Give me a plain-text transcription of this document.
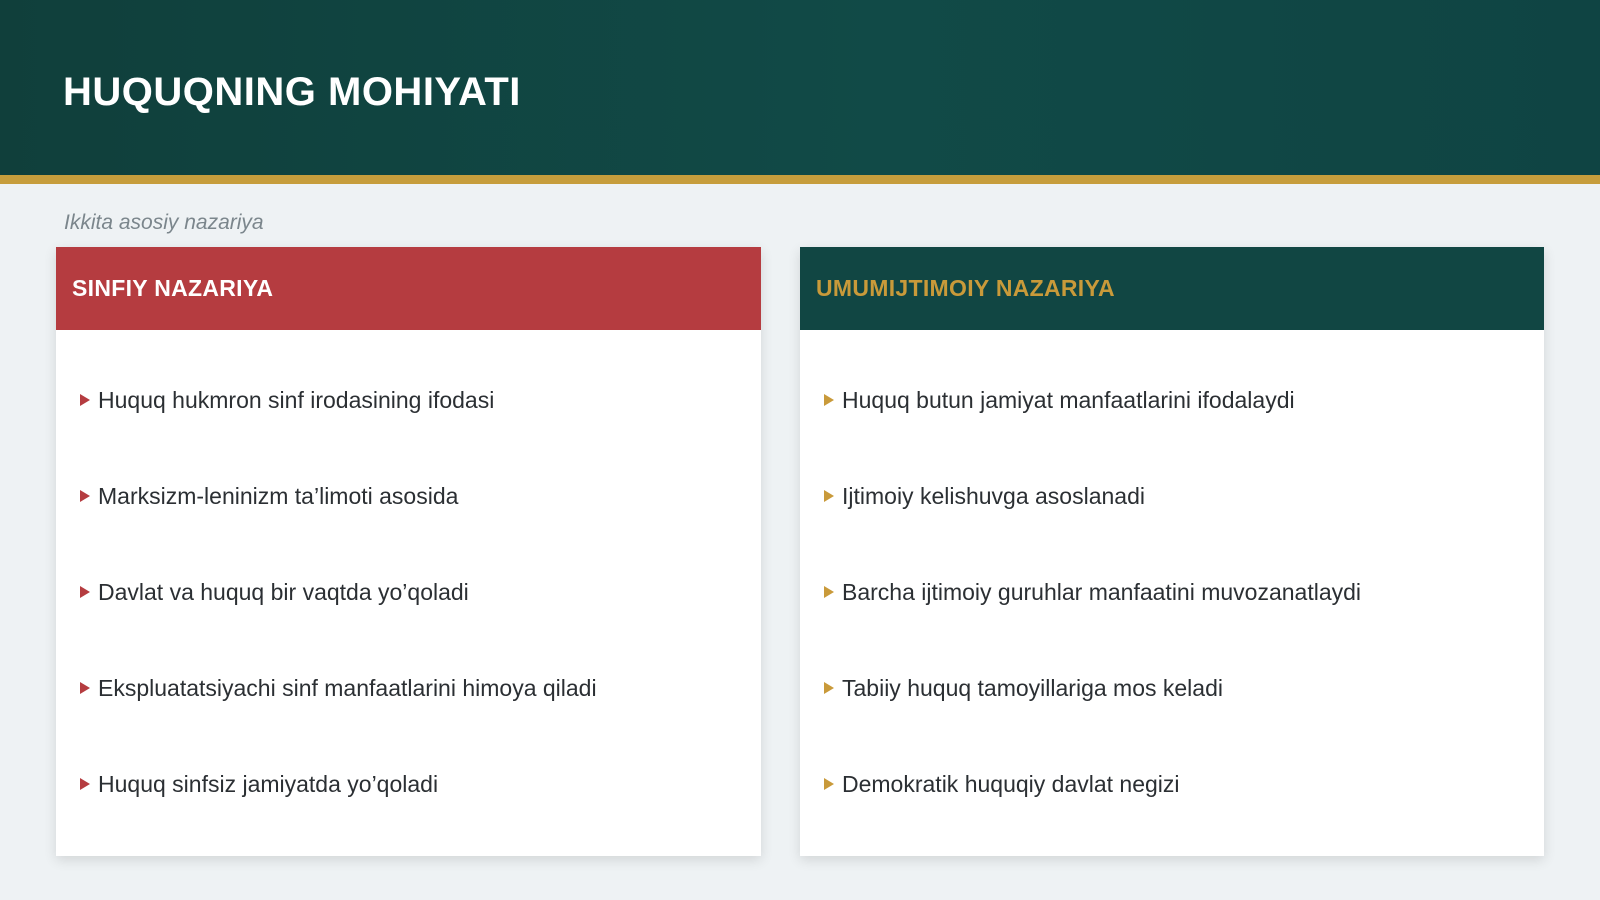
HUQUQNING MOHIYATI
Ikkita asosiy nazariya
SINFIY NAZARIYA
Huquq hukmron sinf irodasining ifodasi
Marksizm-leninizm ta’limoti asosida
Davlat va huquq bir vaqtda yo’qoladi
Ekspluatatsiyachi sinf manfaatlarini himoya qiladi
Huquq sinfsiz jamiyatda yo’qoladi
UMUMIJTIMOIY NAZARIYA
Huquq butun jamiyat manfaatlarini ifodalaydi
Ijtimoiy kelishuvga asoslanadi
Barcha ijtimoiy guruhlar manfaatini muvozanatlaydi
Tabiiy huquq tamoyillariga mos keladi
Demokratik huquqiy davlat negizi
